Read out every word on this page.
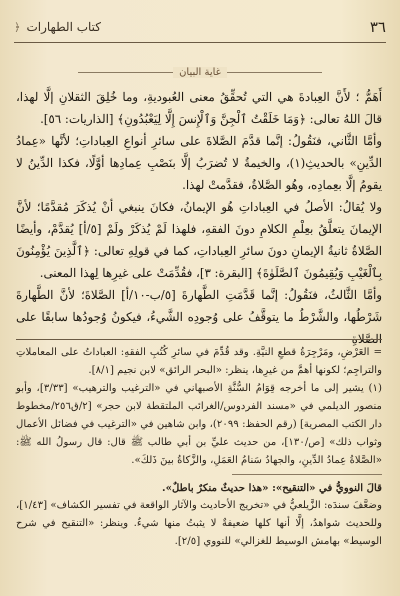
٣٦
كتاب الطهارات
﴿
غاية البيان

أَهَمُّ ؛ لأَنَّ العِبادةَ هي التي تُحقِّقُ معنى العُبوديةِ، وما خُلِقَ الثقلانِ إلَّا لهذا، قالَ اللهُ تعالى: ﴿وَمَا خَلَقْتُ ٱلْجِنَّ وَٱلْإِنسَ إِلَّا لِيَعْبُدُونِ﴾ [الذاريات: ٥٦].

وأمَّا الثَّاني، فنَقُولُ: إنَّما قدَّمَ الصَّلاةَ على سائرِ أنواعِ العِباداتِ؛ لأنَّها «عِمادُ الدِّينِ» بالحديثِ(١)، والخيمةُ لا تُضرَبُ إلَّا بنَصْبِ عِمادِها أوَّلًا، فكذا الدِّينُ لا يقومُ إلَّا بعِمادِه، وهُو الصَّلاةُ، فقدَّمتْ لهذا.

ولا يُقالُ: الأصلُ في العِباداتِ هُو الإيمانُ، فكانَ ينبغي أنْ يُذكَرَ مُقدَّمًا؛ لأنَّ الإيمانَ يتعلَّقُ بعِلْمِ الكلامِ دونَ الفقهِ، فلهذا لَمْ يُذكَرْ ولَمْ [٥/أ] يُقدَّمْ، وأيضًا الصَّلاةُ ثانيةُ الإيمانِ دونَ سائرِ العِباداتِ، كما في قولِهِ تعالى: ﴿ٱلَّذِينَ يُؤْمِنُونَ بِٱلْغَيْبِ وَيُقِيمُونَ ٱلصَّلَوٰةَ﴾ [البقرة: ٣]، فقُدِّمَتْ على غيرِها لِهذا المعنى.

وأمَّا الثَّالثُ، فنَقُولُ: إنَّما قَدَّمَتِ الطَّهارةَ [٥/ب-١٠/أ] الصَّلاةَ؛ لأنَّ الطَّهارةَ شَرْطُها، والشَّرْطُ ما يتوقَّفُ على وُجودِه الشَّيءُ، فيكونُ وُجودُها سابقًا على الصَّلاةِ

= العَرْضِ، ومَرْجِرَةُ قطعِ النيَّةِ. وقد قُدِّمَ في سائرِ كُتُبِ الفقهِ: العباداتُ على المعاملاتِ والتراجِم؛ لكونها أهمَّ من غيرِها، ينظر: «البحر الرائق» لابن نجيم [٨/١].

(١) يشير إلى ما أخرجه قِوَامُ السُّنَّةِ الأصبهاني في «الترغيب والترهيب» [٣/٣٣]، وأبو منصور الديلمي في «مسند الفردوس/الغرائب الملتقطة لابن حجر» [٢/ق٢٥٦/مخطوط دار الكتب المصرية] (رقم الحفظ: ٢٠٩٩)، وابن شاهين في «الترغيب في فضائل الأعمال وثواب ذلك» [ص/١٣٠]، من حديث عليِّ بن أبي طالب ﷺ قال: قال رسولُ الله ﷺ: «الصَّلاةُ عِمادُ الدِّينِ، والجهادُ سَنامُ العَمَلِ، والزَّكاةُ بينَ ذَلكَ».

قالَ النوويُّ في «التنقيح»: «هذا حديثٌ منكرٌ باطلٌ».

وضعَّفَ سندَه: الزَّيلعيُّ في «تخريج الأحاديث والآثار الواقعة في تفسير الكشاف» [١/٤٣]، وللحديث شواهدُ، إلَّا أنها كلها ضعيفةٌ لا يثبتُ منها شيءٌ. وينظر: «التنقيح في شرح الوسيط» بهامش الوسيط للغزالي» للنووي [٢/٥].
